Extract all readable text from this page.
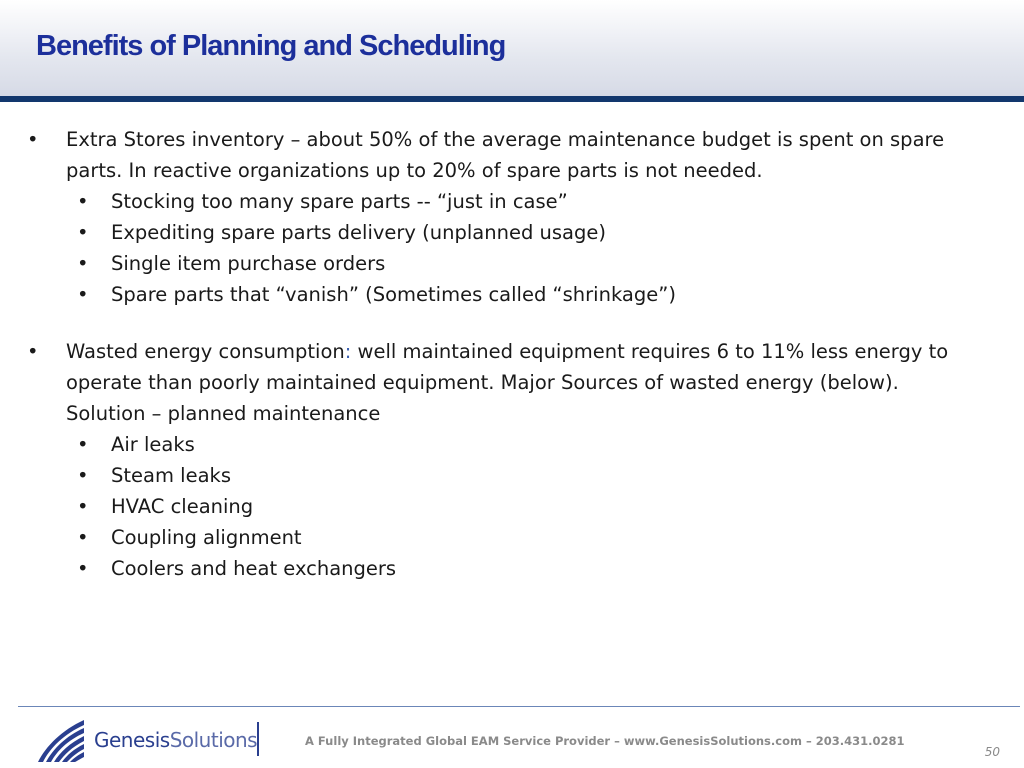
Benefits of Planning and Scheduling
• Extra Stores inventory – about 50% of the average maintenance budget is spent on spare parts. In reactive organizations up to 20% of spare parts is not needed.
• Stocking too many spare parts -- “just in case”
• Expediting spare parts delivery (unplanned usage)
• Single item purchase orders
• Spare parts that “vanish” (Sometimes called “shrinkage”)
• Wasted energy consumption: well maintained equipment requires 6 to 11% less energy to operate than poorly maintained equipment. Major Sources of wasted energy (below). Solution – planned maintenance
• Air leaks
• Steam leaks
• HVAC cleaning
• Coupling alignment
• Coolers and heat exchangers
GenesisSolutions	A Fully Integrated Global EAM Service Provider – www.GenesisSolutions.com – 203.431.0281
50
